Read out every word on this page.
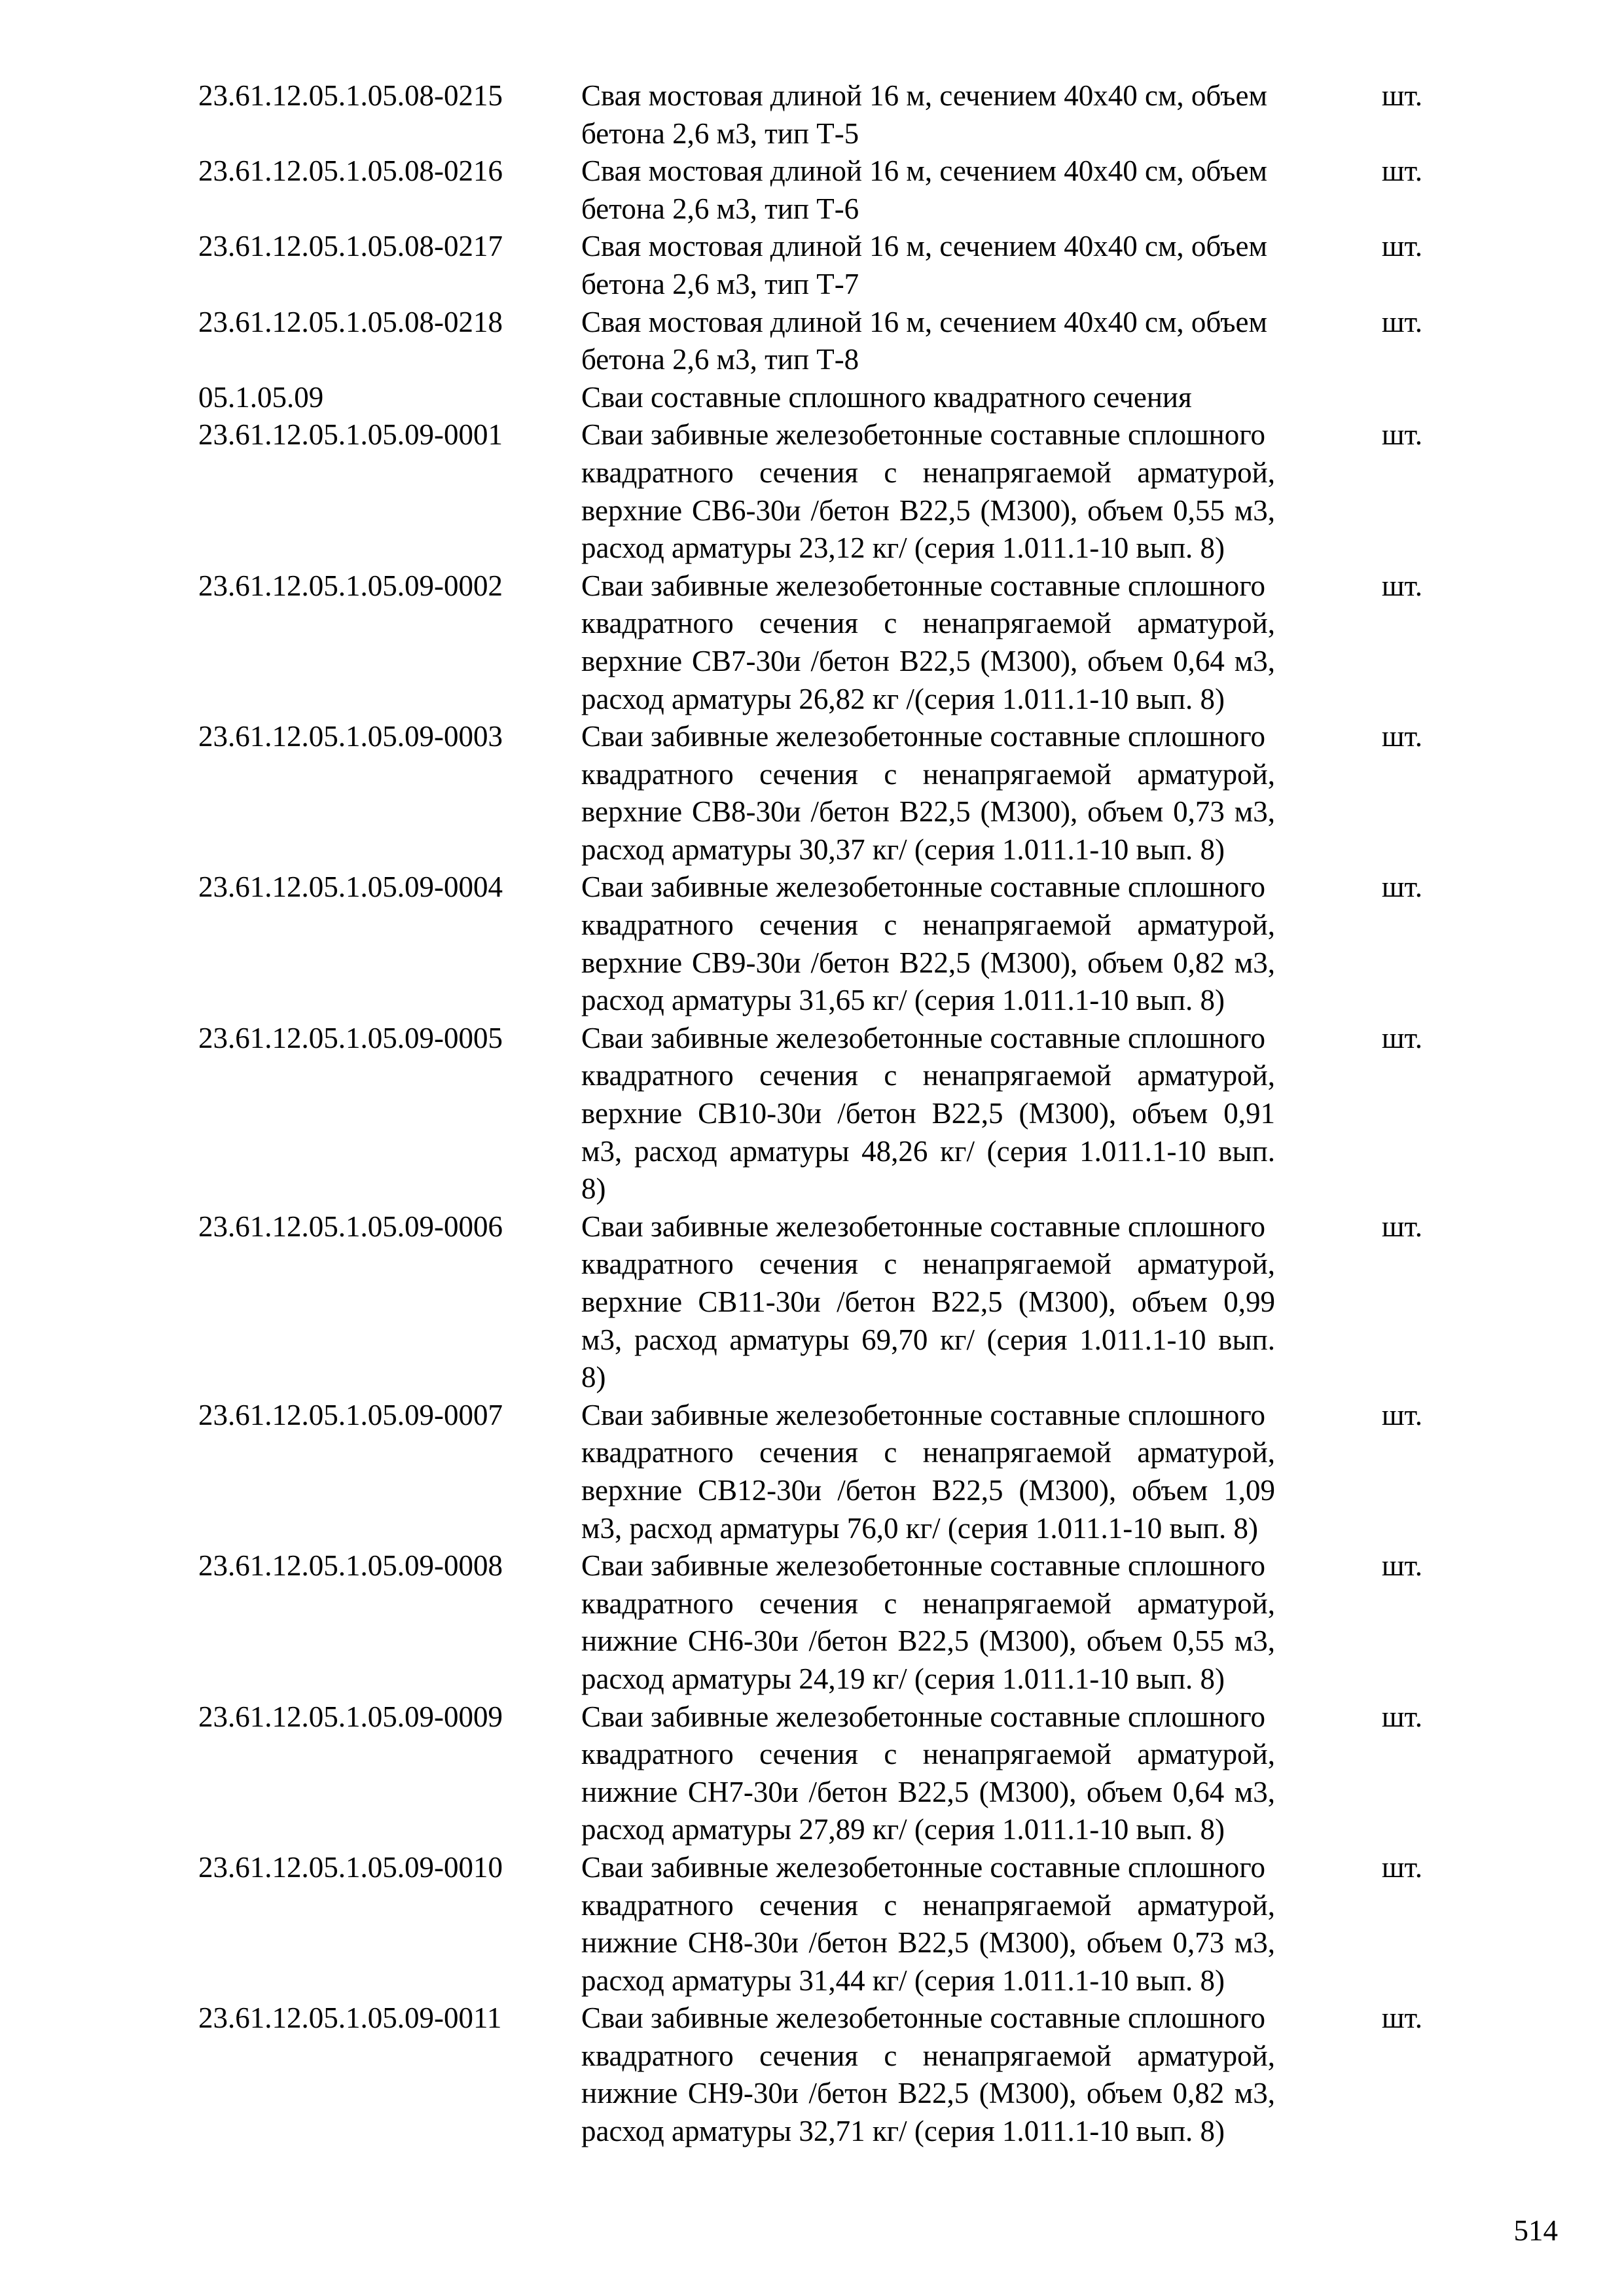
23.61.12.05.1.05.08-0215	Свая мостовая длиной 16 м, сечением 40х40 см, объем
бетона 2,6 м3, тип Т-5
шт.
23.61.12.05.1.05.08-0216	Свая мостовая длиной 16 м, сечением 40х40 см, объем
бетона 2,6 м3, тип Т-6
шт.
23.61.12.05.1.05.08-0217	Свая мостовая длиной 16 м, сечением 40х40 см, объем
бетона 2,6 м3, тип Т-7
шт.
23.61.12.05.1.05.08-0218	Свая мостовая длиной 16 м, сечением 40х40 см, объем
бетона 2,6 м3, тип Т-8
шт.
05.1.05.09	Сваи составные сплошного квадратного сечения
23.61.12.05.1.05.09-0001	Сваи забивные железобетонные составные сплошного
квадратного сечения с ненапрягаемой арматурой,
верхние СВ6-30и /бетон В22,5 (М300), объем 0,55 м3,
расход арматуры 23,12 кг/ (серия 1.011.1-10 вып. 8)
шт.
23.61.12.05.1.05.09-0002	Сваи забивные железобетонные составные сплошного
квадратного сечения с ненапрягаемой арматурой,
верхние СВ7-30и /бетон В22,5 (М300), объем 0,64 м3,
расход арматуры 26,82 кг /(серия 1.011.1-10 вып. 8)
шт.
23.61.12.05.1.05.09-0003	Сваи забивные железобетонные составные сплошного
квадратного сечения с ненапрягаемой арматурой,
верхние СВ8-30и /бетон В22,5 (М300), объем 0,73 м3,
расход арматуры 30,37 кг/ (серия 1.011.1-10 вып. 8)
шт.
23.61.12.05.1.05.09-0004	Сваи забивные железобетонные составные сплошного
квадратного сечения с ненапрягаемой арматурой,
верхние СВ9-30и /бетон В22,5 (М300), объем 0,82 м3,
расход арматуры 31,65 кг/ (серия 1.011.1-10 вып. 8)
шт.
23.61.12.05.1.05.09-0005	Сваи забивные железобетонные составные сплошного
квадратного сечения с ненапрягаемой арматурой,
верхние СВ10-30и /бетон В22,5 (М300), объем 0,91
м3, расход арматуры 48,26 кг/ (серия 1.011.1-10 вып.
8)
шт.
23.61.12.05.1.05.09-0006	Сваи забивные железобетонные составные сплошного
квадратного сечения с ненапрягаемой арматурой,
верхние СВ11-30и /бетон В22,5 (М300), объем 0,99
м3, расход арматуры 69,70 кг/ (серия 1.011.1-10 вып.
8)
шт.
23.61.12.05.1.05.09-0007	Сваи забивные железобетонные составные сплошного
квадратного сечения с ненапрягаемой арматурой,
верхние СВ12-30и /бетон В22,5 (М300), объем 1,09
м3, расход арматуры 76,0 кг/ (серия 1.011.1-10 вып. 8)
шт.
23.61.12.05.1.05.09-0008	Сваи забивные железобетонные составные сплошного
квадратного сечения с ненапрягаемой арматурой,
нижние СН6-30и /бетон В22,5 (М300), объем 0,55 м3,
расход арматуры 24,19 кг/ (серия 1.011.1-10 вып. 8)
шт.
23.61.12.05.1.05.09-0009	Сваи забивные железобетонные составные сплошного
квадратного сечения с ненапрягаемой арматурой,
нижние СН7-30и /бетон В22,5 (М300), объем 0,64 м3,
расход арматуры 27,89 кг/ (серия 1.011.1-10 вып. 8)
шт.
23.61.12.05.1.05.09-0010	Сваи забивные железобетонные составные сплошного
квадратного сечения с ненапрягаемой арматурой,
нижние СН8-30и /бетон В22,5 (М300), объем 0,73 м3,
расход арматуры 31,44 кг/ (серия 1.011.1-10 вып. 8)
шт.
23.61.12.05.1.05.09-0011	Сваи забивные железобетонные составные сплошного
квадратного сечения с ненапрягаемой арматурой,
нижние СН9-30и /бетон В22,5 (М300), объем 0,82 м3,
расход арматуры 32,71 кг/ (серия 1.011.1-10 вып. 8)
шт.
514
